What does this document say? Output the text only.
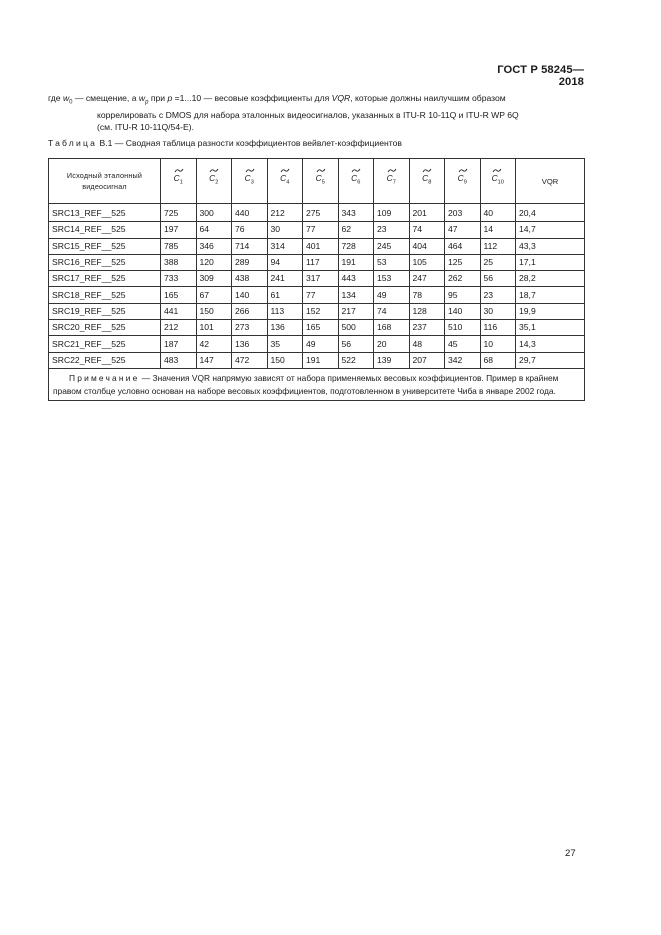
ГОСТ Р 58245—2018

где $w_0$ — смещение, а $w_p$ при p =1...10 — весовые коэффициенты для VQR, которые должны наилучшим образом

коррелировать с DMOS для набора эталонных видеосигналов, указанных в ITU-R 10-11Q и ITU-R WP 6Q

(см. ITU-R 10-11Q/54-E).

Таблица B.1 — Сводная таблица разности коэффициентов вейвлет-коэффициентов
Исходный эталонный видеосигнал	$C_1$	$C_2$	$C_3$	$C_4$	$C_5$	$C_6$	$C_7$	$C_8$	$C_9$	$C_{10}$	VQR
SRC13_REF__525	725	300	440	212	275	343	109	201	203	40	20,4
SRC14_REF__525	197	64	76	30	77	62	23	74	47	14	14,7
SRC15_REF__525	785	346	714	314	401	728	245	404	464	112	43,3
SRC16_REF__525	388	120	289	94	117	191	53	105	125	25	17,1
SRC17_REF__525	733	309	438	241	317	443	153	247	262	56	28,2
SRC18_REF__525	165	67	140	61	77	134	49	78	95	23	18,7
SRC19_REF__525	441	150	266	113	152	217	74	128	140	30	19,9
SRC20_REF__525	212	101	273	136	165	500	168	237	510	116	35,1
SRC21_REF__525	187	42	136	35	49	56	20	48	45	10	14,3
SRC22_REF__525	483	147	472	150	191	522	139	207	342	68	29,7
Примечание — Значения VQR напрямую зависят от набора применяемых весовых коэффициентов. Пример в крайнем правом столбце условно основан на наборе весовых коэффициентов, подготовленном в университете Чиба в январе 2002 года.											
27
